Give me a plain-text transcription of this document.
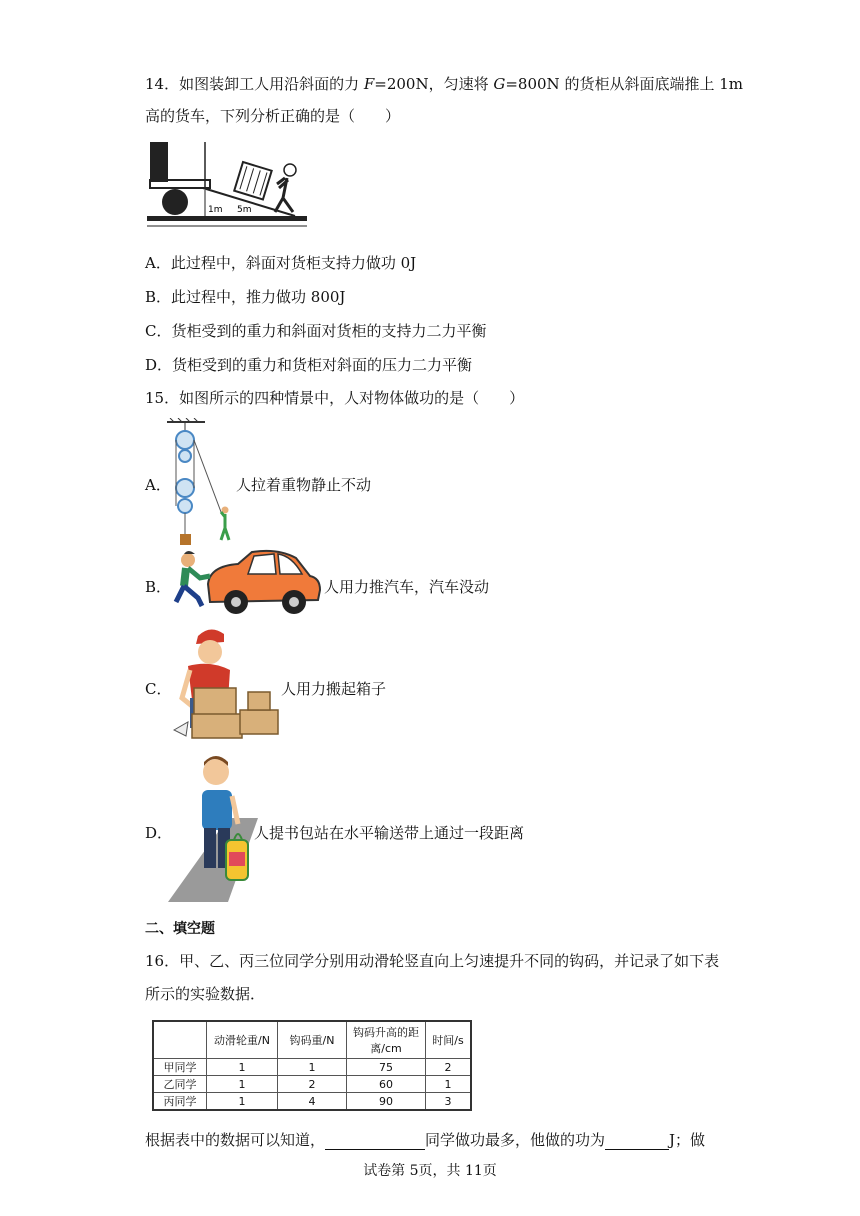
14．如图装卸工人用沿斜面的力 F=200N，匀速将 G=800N 的货柜从斜面底端推上 1m
高的货车，下列分析正确的是（　　）
1m 5m
A．此过程中，斜面对货柜支持力做功 0J
B．此过程中，推力做功 800J
C．货柜受到的重力和斜面对货柜的支持力二力平衡
D．货柜受到的重力和货柜对斜面的压力二力平衡
15．如图所示的四种情景中，人对物体做功的是（　　）
A．	人拉着重物静止不动
B．	人用力推汽车，汽车没动
C．	人用力搬起箱子
D．	人提书包站在水平输送带上通过一段距离
二、填空题
16．甲、乙、丙三位同学分别用动滑轮竖直向上匀速提升不同的钩码，并记录了如下表
所示的实验数据．
	动滑轮重/N	钩码重/N	钩码升高的距离/cm	时间/s
甲同学	1	1	75	2
乙同学	1	2	60	1
丙同学	1	4	90	3
根据表中的数据可以知道，	同学做功最多，他做的功为	J；做
试卷第 5页，共 11页
